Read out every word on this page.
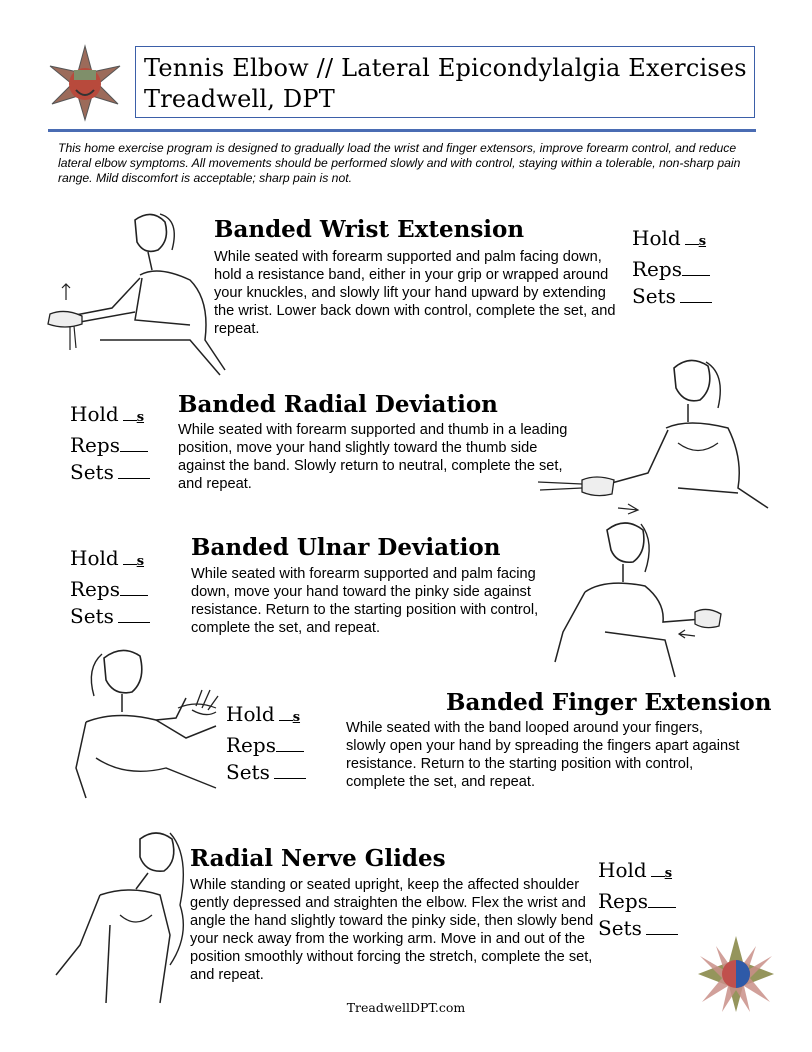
Tennis Elbow // Lateral Epicondylalgia Exercises
Treadwell, DPT
This home exercise program is designed to gradually load the wrist and finger extensors, improve forearm control, and reduce lateral elbow symptoms. All movements should be performed slowly and with control, staying within a tolerable, non-sharp pain range. Mild discomfort is acceptable; sharp pain is not.
Banded Wrist Extension
While seated with forearm supported and palm facing down, hold a resistance band, either in your grip or wrapped around your knuckles, and slowly lift your hand upward by extending the wrist. Lower back down with control, complete the set, and repeat.
Hold s
Reps
Sets
Hold s
Reps
Sets
Banded Radial Deviation
While seated with forearm supported and thumb in a leading position, move your hand slightly toward the thumb side against the band. Slowly return to neutral, complete the set, and repeat.
Hold s
Reps
Sets
Banded Ulnar Deviation
While seated with forearm supported and palm facing down, move your hand toward the pinky side against resistance. Return to the starting position with control, complete the set, and repeat.
Hold s
Reps
Sets
Banded Finger Extension
While seated with the band looped around your fingers, slowly open your hand by spreading the fingers apart against resistance. Return to the starting position with control, complete the set, and repeat.
Radial Nerve Glides
While standing or seated upright, keep the affected shoulder gently depressed and straighten the elbow. Flex the wrist and angle the hand slightly toward the pinky side, then slowly bend your neck away from the working arm. Move in and out of the position smoothly without forcing the stretch, complete the set, and repeat.
Hold s
Reps
Sets
TreadwellDPT.com
